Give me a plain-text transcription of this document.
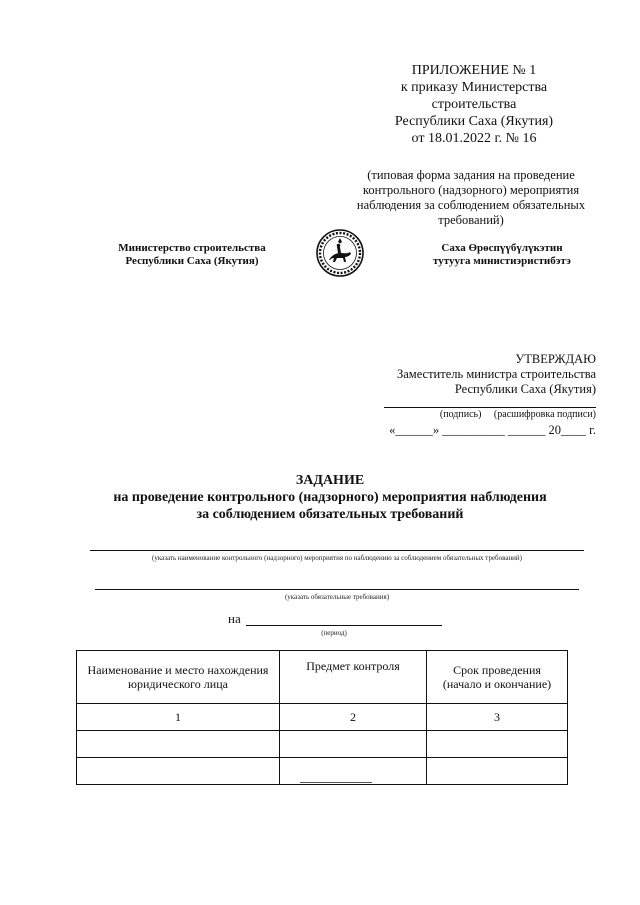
ПРИЛОЖЕНИЕ № 1
к приказу Министерства
строительства
Республики Саха (Якутия)
от 18.01.2022 г. № 16
(типовая форма задания на проведение
контрольного (надзорного) мероприятия
наблюдения за соблюдением обязательных
требований)
Министерство строительства
Республики Саха (Якутия)
Саха Өрөспүүбүлүкэтин
тутууга министиэристибэтэ
УТВЕРЖДАЮ
Заместитель министра строительства
Республики Саха (Якутия)
(подпись)     (расшифровка подписи)
«______» __________ ______ 20____ г.
ЗАДАНИЕ
на проведение контрольного (надзорного) мероприятия наблюдения
за соблюдением обязательных требований
(указать наименование контрольного (надзорного) мероприятия по наблюдению за соблюдением обязательных требований)
(указать обязательные требования)
на
(период)
Наименование и место нахождения
юридического лица	Предмет контроля	Срок проведения
(начало и окончание)
1	2	3
